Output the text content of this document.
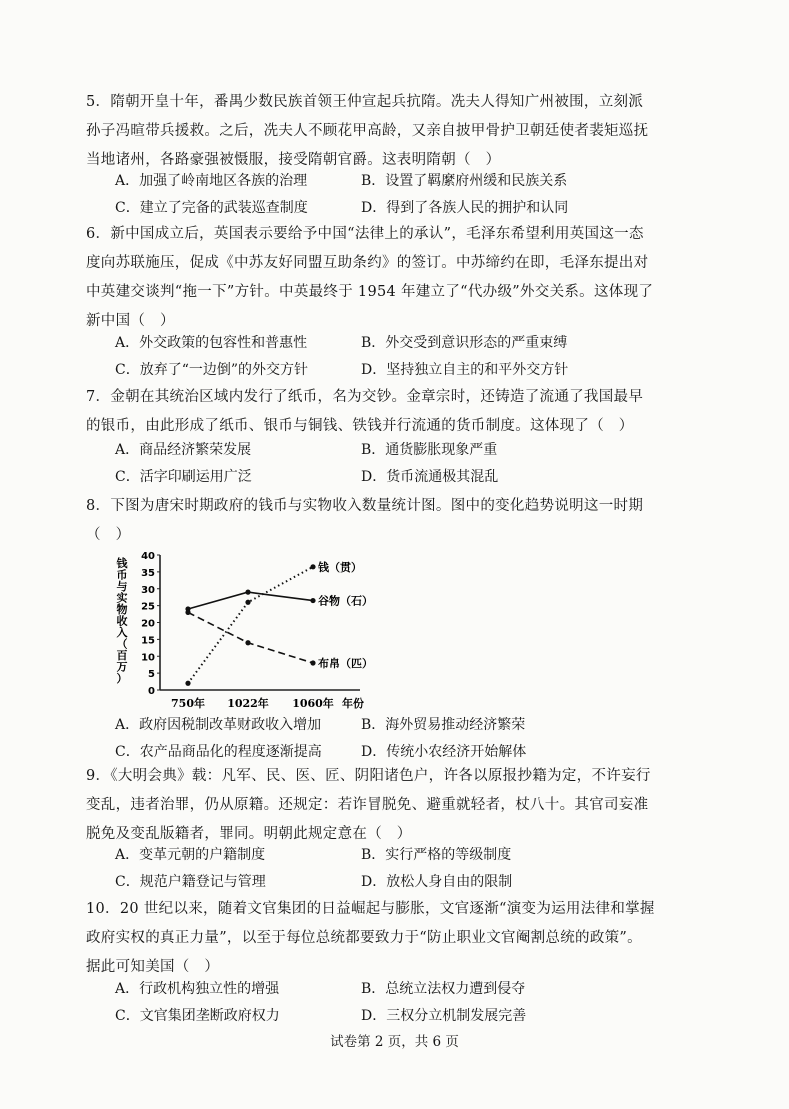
5．隋朝开皇十年，番禺少数民族首领王仲宣起兵抗隋。冼夫人得知广州被围，立刻派

孙子冯暄带兵援救。之后，冼夫人不顾花甲高龄，又亲自披甲骨护卫朝廷使者裴矩巡抚

当地诸州，各路豪强被慑服，接受隋朝官爵。这表明隋朝（　）

A．加强了岭南地区各族的治理	B．设置了羁縻府州缓和民族关系
C．建立了完备的武装巡查制度	D．得到了各族人民的拥护和认同

6．新中国成立后，英国表示要给予中国“法律上的承认”，毛泽东希望利用英国这一态

度向苏联施压，促成《中苏友好同盟互助条约》的签订。中苏缔约在即，毛泽东提出对

中英建交谈判“拖一下”方针。中英最终于 1954 年建立了“代办级”外交关系。这体现了

新中国（　）

A．外交政策的包容性和普惠性	B．外交受到意识形态的严重束缚
C．放弃了“一边倒”的外交方针	D．坚持独立自主的和平外交方针

7．金朝在其统治区域内发行了纸币，名为交钞。金章宗时，还铸造了流通了我国最早

的银币，由此形成了纸币、银币与铜钱、铁钱并行流通的货币制度。这体现了（　）

A．商品经济繁荣发展	B．通货膨胀现象严重
C．活字印刷运用广泛	D．货币流通极其混乱

8．下图为唐宋时期政府的钱币与实物收入数量统计图。图中的变化趋势说明这一时期

（　）

0
5
10
15
20
25
30
35
40
钱
币
与
实
物
收
入
（
百
万
）
750年 1022年 1060年 年份
钱（贯）
谷物（石）
布帛（匹）
A．政府因税制改革财政收入增加	B．海外贸易推动经济繁荣
C．农产品商品化的程度逐渐提高	D．传统小农经济开始解体

9．《大明会典》载：凡军、民、医、匠、阴阳诸色户，许各以原报抄籍为定，不许妄行

变乱，违者治罪，仍从原籍。还规定：若诈冒脱免、避重就轻者，杖八十。其官司妄准

脱免及变乱版籍者，罪同。明朝此规定意在（　）

A．变革元朝的户籍制度	B．实行严格的等级制度
C．规范户籍登记与管理	D．放松人身自由的限制

10．20 世纪以来，随着文官集团的日益崛起与膨胀，文官逐渐“演变为运用法律和掌握

政府实权的真正力量”，以至于每位总统都要致力于“防止职业文官阉割总统的政策”。

据此可知美国（　）

A．行政机构独立性的增强	B．总统立法权力遭到侵夺
C．文官集团垄断政府权力	D．三权分立机制发展完善
试卷第 2 页，共 6 页
